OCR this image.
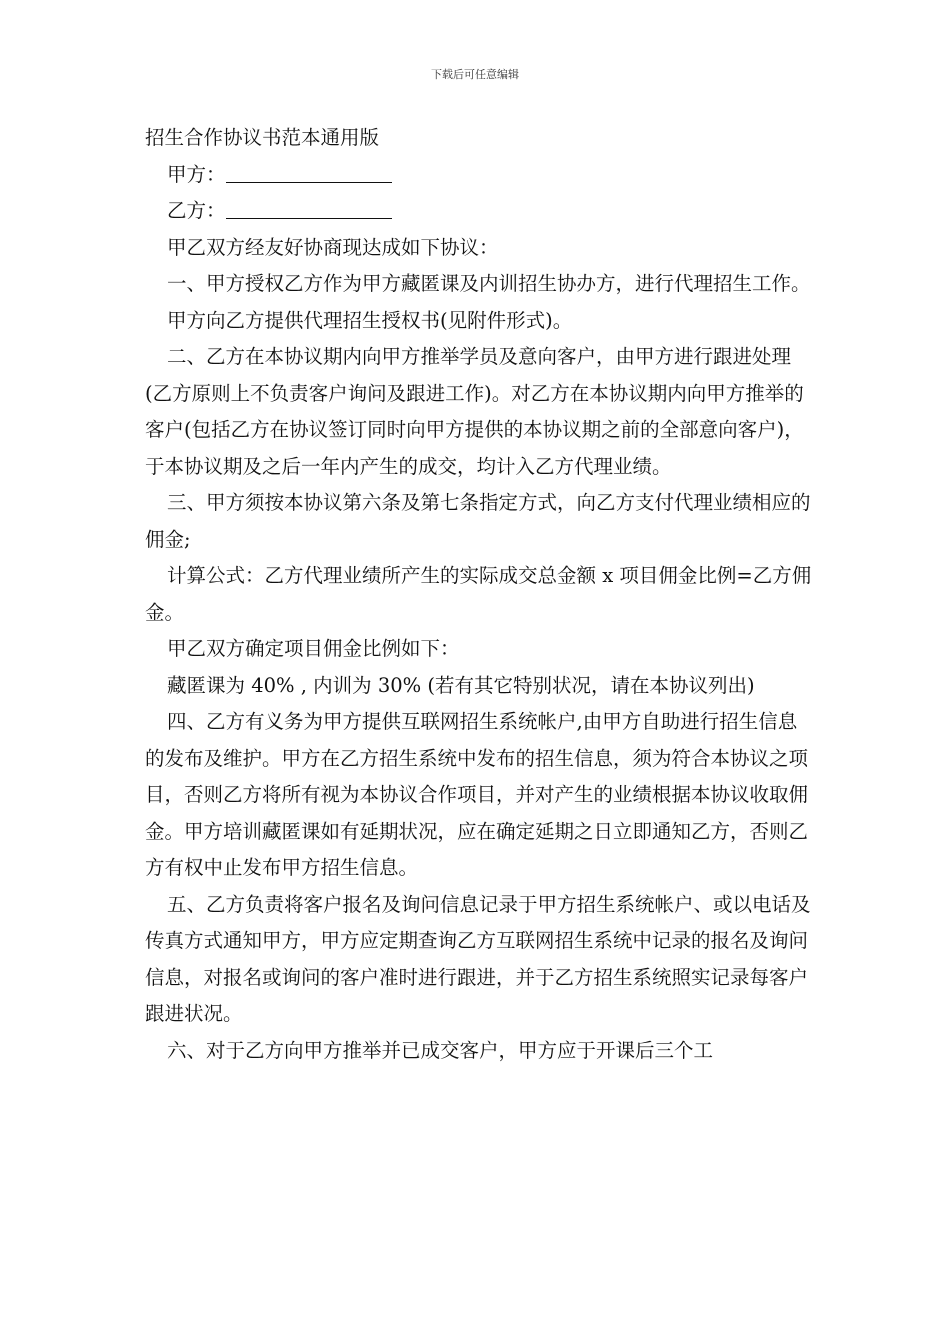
下载后可任意编辑

招生合作协议书范本通用版

甲方：

乙方：

甲乙双方经友好协商现达成如下协议：

一、甲方授权乙方作为甲方藏匿课及内训招生协办方，进行代理招生工作。

甲方向乙方提供代理招生授权书(见附件形式)。

二、乙方在本协议期内向甲方推举学员及意向客户，由甲方进行跟进处理(乙方原则上不负责客户询问及跟进工作)。对乙方在本协议期内向甲方推举的客户(包括乙方在协议签订同时向甲方提供的本协议期之前的全部意向客户)，于本协议期及之后一年内产生的成交，均计入乙方代理业绩。

三、甲方须按本协议第六条及第七条指定方式，向乙方支付代理业绩相应的佣金;

计算公式：乙方代理业绩所产生的实际成交总金额 x 项目佣金比例=乙方佣金。

甲乙双方确定项目佣金比例如下：

藏匿课为 40% , 内训为 30% (若有其它特别状况，请在本协议列出)

四、乙方有义务为甲方提供互联网招生系统帐户,由甲方自助进行招生信息的发布及维护。甲方在乙方招生系统中发布的招生信息，须为符合本协议之项目，否则乙方将所有视为本协议合作项目，并对产生的业绩根据本协议收取佣金。甲方培训藏匿课如有延期状况，应在确定延期之日立即通知乙方，否则乙方有权中止发布甲方招生信息。

五、乙方负责将客户报名及询问信息记录于甲方招生系统帐户、或以电话及传真方式通知甲方，甲方应定期查询乙方互联网招生系统中记录的报名及询问信息，对报名或询问的客户准时进行跟进，并于乙方招生系统照实记录每客户跟进状况。

六、对于乙方向甲方推举并已成交客户，甲方应于开课后三个工
